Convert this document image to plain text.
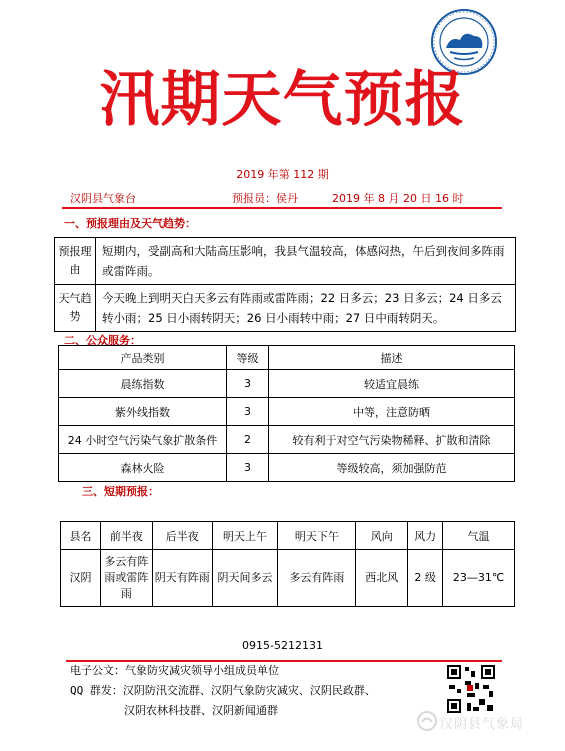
汛期天气预报
2019 年第 112 期
汉阴县气象台	预报员：侯丹	2019 年 8 月 20 日 16 时
一、预报理由及天气趋势：
预报理由	短期内，受副高和大陆高压影响，我县气温较高，体感闷热，午后到夜间多阵雨或雷阵雨。
天气趋势	今天晚上到明天白天多云有阵雨或雷阵雨；22 日多云；23 日多云；24 日多云转小雨；25 日小雨转阴天；26 日小雨转中雨；27 日中雨转阴天。
二、公众服务：
产品类别	等级	描述
晨练指数	3	较适宜晨练
紫外线指数	3	中等，注意防晒
24 小时空气污染气象扩散条件	2	较有利于对空气污染物稀释、扩散和清除
森林火险	3	等级较高，须加强防范
三、短期预报：
县名	前半夜	后半夜	明天上午	明天下午	风向	风力	气温
汉阴	多云有阵雨或雷阵雨	阴天有阵雨	阴天间多云	多云有阵雨	西北风	2 级	23—31℃
0915-5212131
电子公文：气象防灾减灾领导小组成员单位
QQ 群发：汉阴防汛交流群、汉阴气象防灾减灾、汉阴民政群、
汉阴农林科技群、汉阴新闻通群
汉阴县气象局
